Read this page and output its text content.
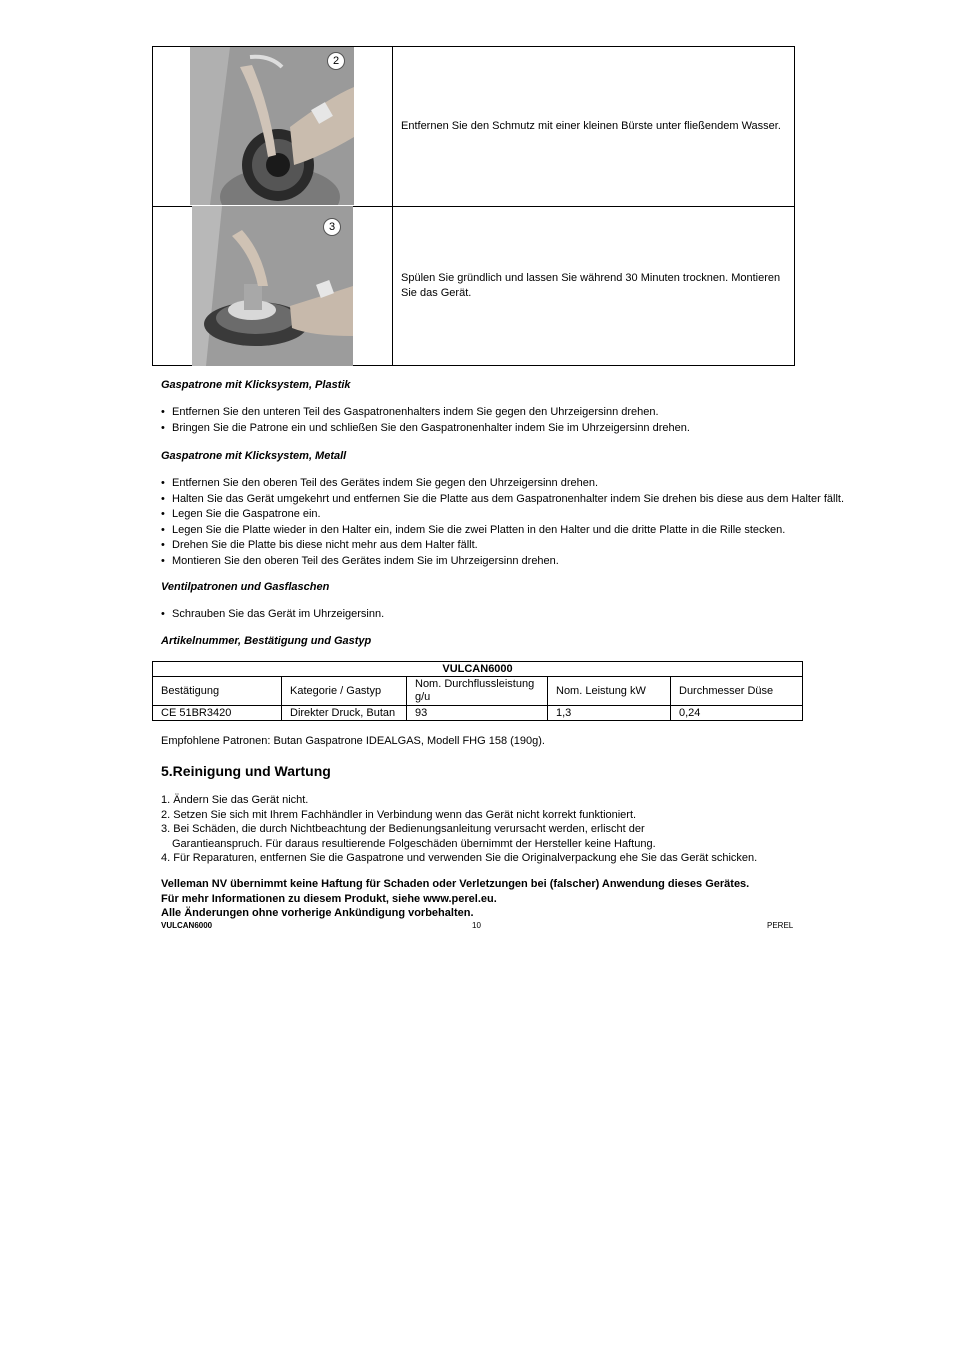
2
Entfernen Sie den Schmutz mit einer kleinen Bürste unter fließendem Wasser.
3
Spülen Sie gründlich und lassen Sie während 30 Minuten trocknen. Montieren Sie das Gerät.
Gaspatrone mit Klicksystem, Plastik
• Entfernen Sie den unteren Teil des Gaspatronenhalters indem Sie gegen den Uhrzeigersinn drehen.
• Bringen Sie die Patrone ein und schließen Sie den Gaspatronenhalter indem Sie im Uhrzeigersinn drehen.
Gaspatrone mit Klicksystem, Metall
• Entfernen Sie den oberen Teil des Gerätes indem Sie gegen den Uhrzeigersinn drehen.
• Halten Sie das Gerät umgekehrt und entfernen Sie die Platte aus dem Gaspatronenhalter indem Sie drehen bis diese aus dem Halter fällt.
• Legen Sie die Gaspatrone ein.
• Legen Sie die Platte wieder in den Halter ein, indem Sie die zwei Platten in den Halter und die dritte Platte in die Rille stecken.
• Drehen Sie die Platte bis diese nicht mehr aus dem Halter fällt.
• Montieren Sie den oberen Teil des Gerätes indem Sie im Uhrzeigersinn drehen.
Ventilpatronen und Gasflaschen
• Schrauben Sie das Gerät im Uhrzeigersinn.
Artikelnummer, Bestätigung und Gastyp
VULCAN6000				
Bestätigung	Kategorie / Gastyp	Nom. Durchflussleistung g/u	Nom. Leistung kW	Durchmesser Düse
CE 51BR3420	Direkter Druck, Butan	93	1,3	0,24
Empfohlene Patronen: Butan Gaspatrone IDEALGAS, Modell FHG 158 (190g).
5.Reinigung und Wartung
1. Ändern Sie das Gerät nicht.
2. Setzen Sie sich mit Ihrem Fachhändler in Verbindung wenn das Gerät nicht korrekt funktioniert.
3. Bei Schäden, die durch Nichtbeachtung der Bedienungsanleitung verursacht werden, erlischt der
Garantieanspruch. Für daraus resultierende Folgeschäden übernimmt der Hersteller keine Haftung.
4. Für Reparaturen, entfernen Sie die Gaspatrone und verwenden Sie die Originalverpackung ehe Sie das Gerät schicken.
Velleman NV übernimmt keine Haftung für Schaden oder Verletzungen bei (falscher) Anwendung dieses Gerätes.
Für mehr Informationen zu diesem Produkt, siehe www.perel.eu.
Alle Änderungen ohne vorherige Ankündigung vorbehalten.
VULCAN6000	10	PEREL
